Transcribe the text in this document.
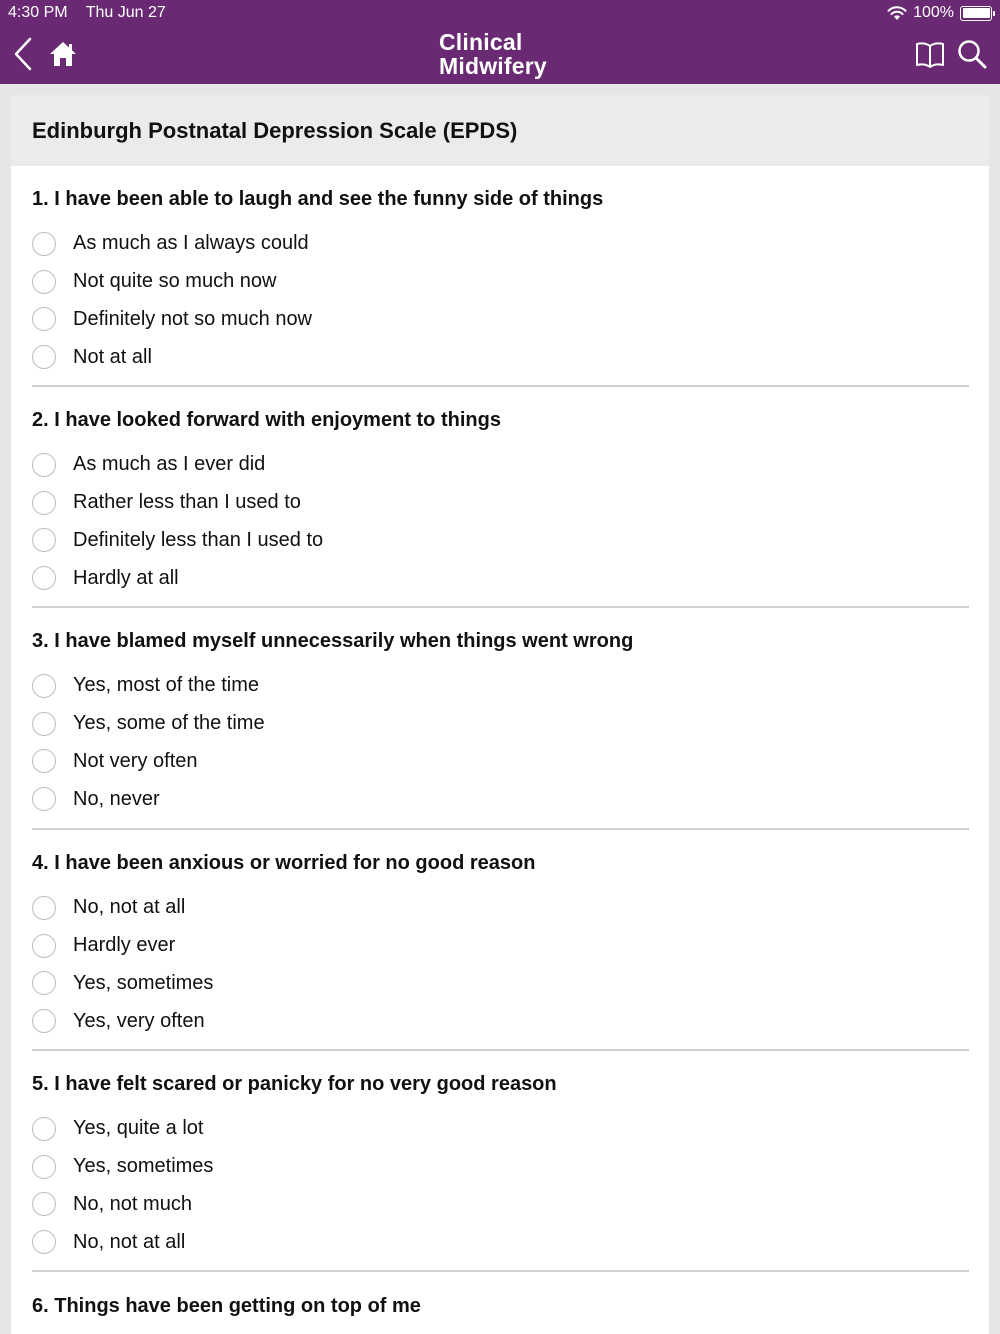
4:30 PM Thu Jun 27	100%
Clinical
Midwifery
Edinburgh Postnatal Depression Scale (EPDS)
1. I have been able to laugh and see the funny side of things
As much as I always could
Not quite so much now
Definitely not so much now
Not at all
2. I have looked forward with enjoyment to things
As much as I ever did
Rather less than I used to
Definitely less than I used to
Hardly at all
3. I have blamed myself unnecessarily when things went wrong
Yes, most of the time
Yes, some of the time
Not very often
No, never
4. I have been anxious or worried for no good reason
No, not at all
Hardly ever
Yes, sometimes
Yes, very often
5. I have felt scared or panicky for no very good reason
Yes, quite a lot
Yes, sometimes
No, not much
No, not at all
6. Things have been getting on top of me
